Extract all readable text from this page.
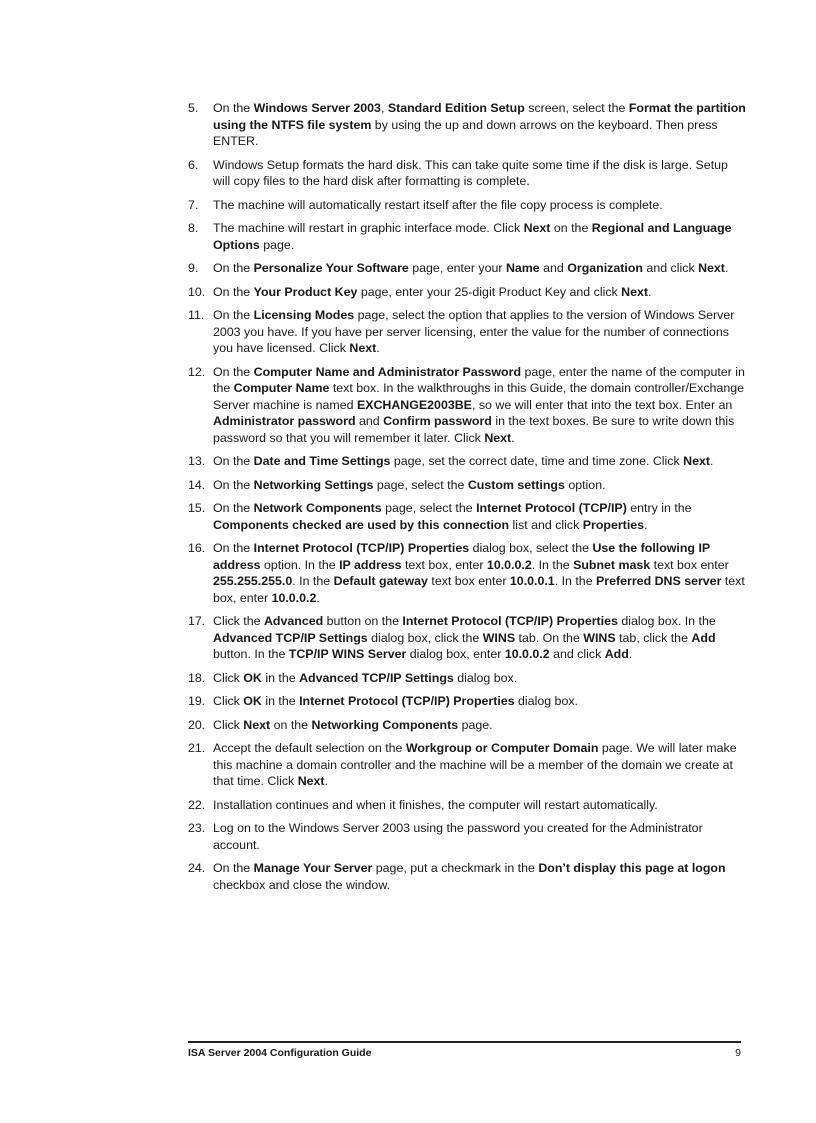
5.	On the Windows Server 2003, Standard Edition Setup screen, select the Format the partition using the NTFS file system by using the up and down arrows on the keyboard. Then press ENTER.
6.	Windows Setup formats the hard disk. This can take quite some time if the disk is large. Setup will copy files to the hard disk after formatting is complete.
7.	The machine will automatically restart itself after the file copy process is complete.
8.	The machine will restart in graphic interface mode. Click Next on the Regional and Language Options page.
9.	On the Personalize Your Software page, enter your Name and Organization and click Next.
10. On the Your Product Key page, enter your 25-digit Product Key and click Next.
11. On the Licensing Modes page, select the option that applies to the version of Windows Server 2003 you have. If you have per server licensing, enter the value for the number of connections you have licensed. Click Next.
12. On the Computer Name and Administrator Password page, enter the name of the computer in the Computer Name text box. In the walkthroughs in this Guide, the domain controller/Exchange Server machine is named EXCHANGE2003BE, so we will enter that into the text box. Enter an Administrator password and Confirm password in the text boxes. Be sure to write down this password so that you will remember it later. Click Next.
13. On the Date and Time Settings page, set the correct date, time and time zone. Click Next.
14. On the Networking Settings page, select the Custom settings option.
15. On the Network Components page, select the Internet Protocol (TCP/IP) entry in the Components checked are used by this connection list and click Properties.
16. On the Internet Protocol (TCP/IP) Properties dialog box, select the Use the following IP address option. In the IP address text box, enter 10.0.0.2. In the Subnet mask text box enter 255.255.255.0. In the Default gateway text box enter 10.0.0.1. In the Preferred DNS server text box, enter 10.0.0.2.
17. Click the Advanced button on the Internet Protocol (TCP/IP) Properties dialog box. In the Advanced TCP/IP Settings dialog box, click the WINS tab. On the WINS tab, click the Add button. In the TCP/IP WINS Server dialog box, enter 10.0.0.2 and click Add.
18. Click OK in the Advanced TCP/IP Settings dialog box.
19. Click OK in the Internet Protocol (TCP/IP) Properties dialog box.
20. Click Next on the Networking Components page.
21. Accept the default selection on the Workgroup or Computer Domain page. We will later make this machine a domain controller and the machine will be a member of the domain we create at that time. Click Next.
22. Installation continues and when it finishes, the computer will restart automatically.
23. Log on to the Windows Server 2003 using the password you created for the Administrator account.
24. On the Manage Your Server page, put a checkmark in the Don’t display this page at logon checkbox and close the window.
ISA Server 2004 Configuration Guide	9
